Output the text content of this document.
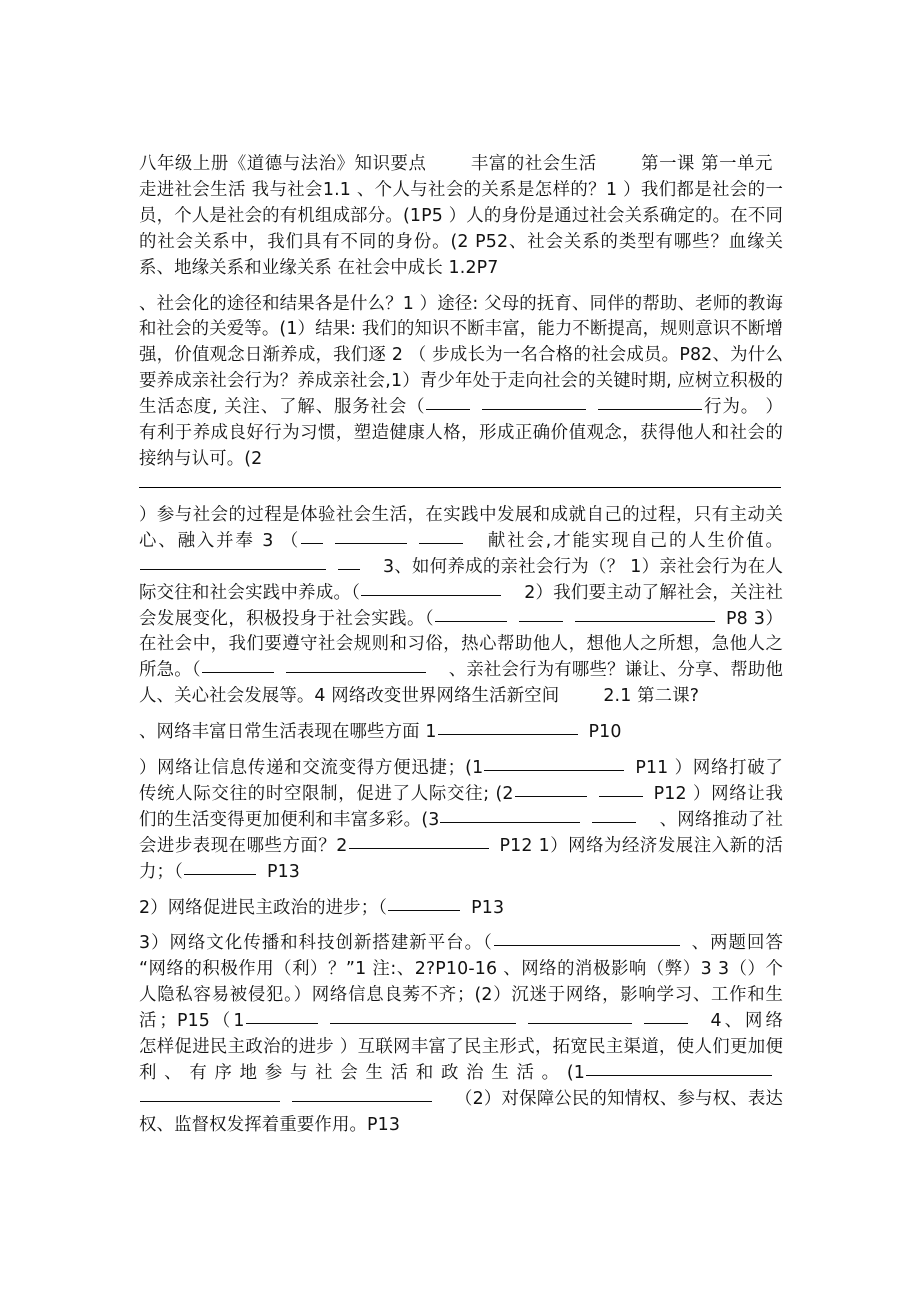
八年级上册《道德与法治》知识要点	丰富的社会生活	第一课 第一单元走进社会生活 我与社会1.1 、个人与社会的关系是怎样的？1 ）我们都是社会的一员，个人是社会的有机组成部分。(1P5 ）人的身份是通过社会关系确定的。在不同的社会关系中，我们具有不同的身份。(2 P52、社会关系的类型有哪些？血缘关系、地缘关系和业缘关系 在社会中成长 1.2P7

、社会化的途径和结果各是什么？1 ）途径: 父母的抚育、同伴的帮助、老师的教诲和社会的关爱等。(1）结果: 我们的知识不断丰富，能力不断提高，规则意识不断增强，价值观念日渐养成，我们逐 2 （ 步成长为一名合格的社会成员。P82、为什么要养成亲社会行为？养成亲社会,1）青少年处于走向社会的关键时期, 应树立积极的生活态度, 关注、了解、服务社会（	行为。 ）有利于养成良好行为习惯，塑造健康人格，形成正确价值观念，获得他人和社会的接纳与认可。(2

）参与社会的过程是体验社会生活，在实践中发展和成就自己的过程，只有主动关心、融入并奉 3 （	献社会,才能实现自己的人生价值。3、如何养成的亲社会行为（？ 1）亲社会行为在人际交往和社会实践中养成。（	2）我们要主动了解社会，关注社会发展变化，积极投身于社会实践。（	P8 3）在社会中，我们要遵守社会规则和习俗，热心帮助他人，想他人之所想，急他人之所急。（	、亲社会行为有哪些？谦让、分享、帮助他人、关心社会发展等。4 网络改变世界网络生活新空间	2.1 第二课?

、网络丰富日常生活表现在哪些方面 1	P10

）网络让信息传递和交流变得方便迅捷；(1	P11 ）网络打破了传统人际交往的时空限制，促进了人际交往; (2	P12 ）网络让我们的生活变得更加便利和丰富多彩。(3	、网络推动了社会进步表现在哪些方面？2	P12 1）网络为经济发展注入新的活力；（	P13

2）网络促进民主政治的进步；（	P13

3）网络文化传播和科技创新搭建新平台。（	、两题回答“网络的积极作用（利）？”1 注:、2?P10-16 、网络的消极影响（弊）3 3（）个人隐私容易被侵犯。）网络信息良莠不齐；(2）沉迷于网络，影响学习、工作和生活；P15（1	4、网络怎样促进民主政治的进步 ）互联网丰富了民主形式，拓宽民主渠道，使人们更加便利、有序地参与社会生活和政治生活。(1（2）对保障公民的知情权、参与权、表达权、监督权发挥着重要作用。P13
